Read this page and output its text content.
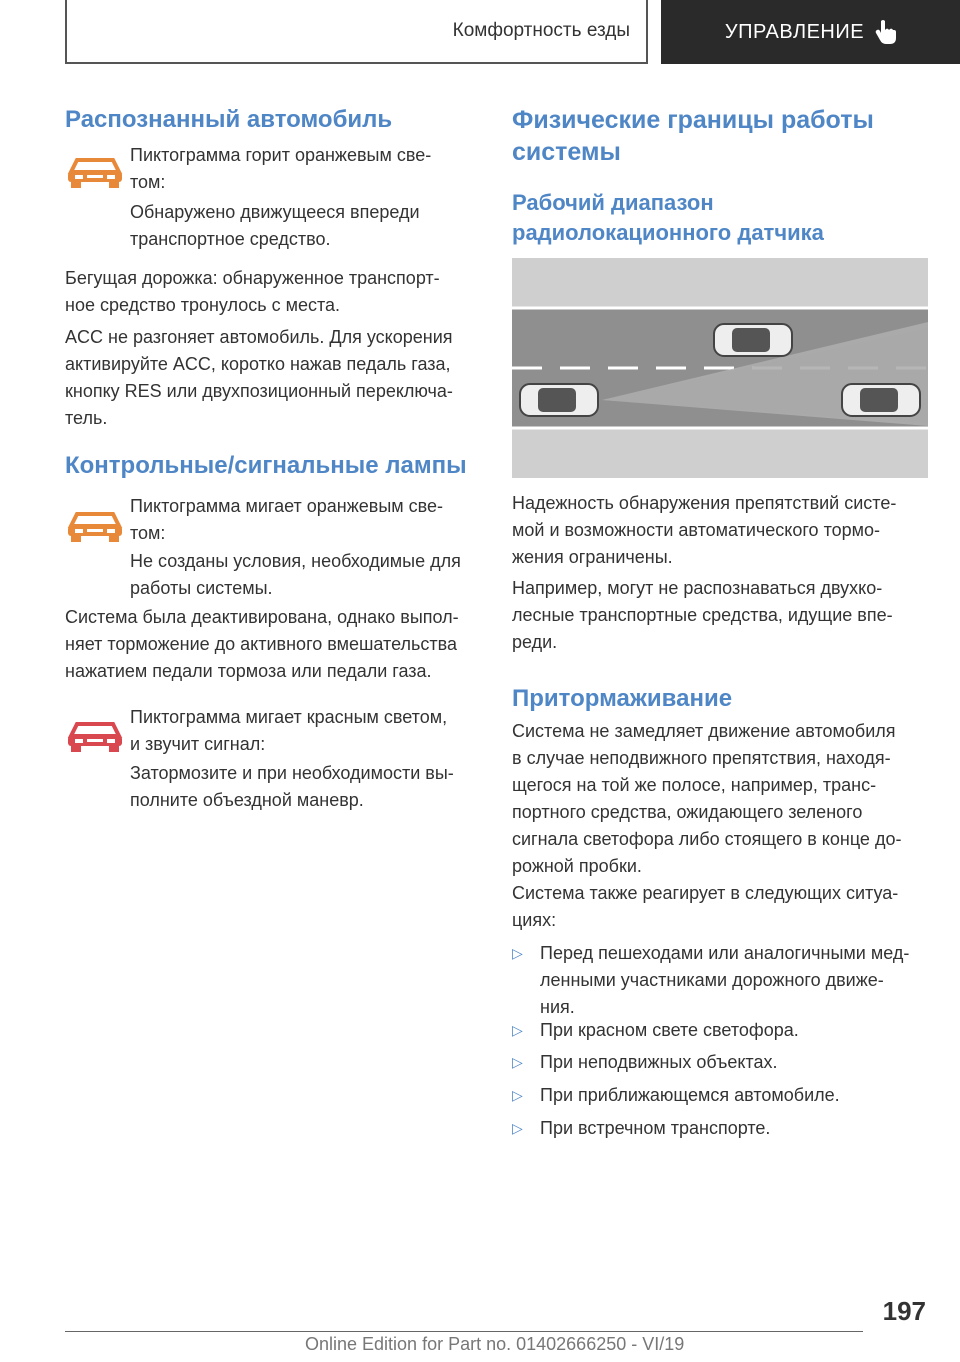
Комфортность езды	УПРАВЛЕНИЕ
Распознанный автомобиль

Пиктограмма горит оранжевым све-
том:

Обнаружено движущееся впереди
транспортное средство.

Бегущая дорожка: обнаруженное транспорт-
ное средство тронулось с места.

ACC не разгоняет автомобиль. Для ускорения
активируйте ACC, коротко нажав педаль газа,
кнопку RES или двухпозиционный переключа-
тель.

Контрольные/сигнальные лампы

Пиктограмма мигает оранжевым све-
том:

Не созданы условия, необходимые для
работы системы.

Система была деактивирована, однако выпол-
няет торможение до активного вмешательства
нажатием педали тормоза или педали газа.

Пиктограмма мигает красным светом,
и звучит сигнал:

Затормозите и при необходимости вы-
полните объездной маневр.

Физические границы работы
системы
Рабочий диапазон
радиолокационного датчика

Надежность обнаружения препятствий систе-
мой и возможности автоматического тормо-
жения ограничены.

Например, могут не распознаваться двухко-
лесные транспортные средства, идущие впе-
реди.

Притормаживание

Система не замедляет движение автомобиля
в случае неподвижного препятствия, находя-
щегося на той же полосе, например, транс-
портного средства, ожидающего зеленого
сигнала светофора либо стоящего в конце до-
рожной пробки.

Система также реагирует в следующих ситуа-
циях:

▷ Перед пешеходами или аналогичными мед-
ленными участниками дорожного движе-
ния.
▷ При красном свете светофора.
▷ При неподвижных объектах.
▷ При приближающемся автомобиле.
▷ При встречном транспорте.
197
Online Edition for Part no. 01402666250 - VI/19
